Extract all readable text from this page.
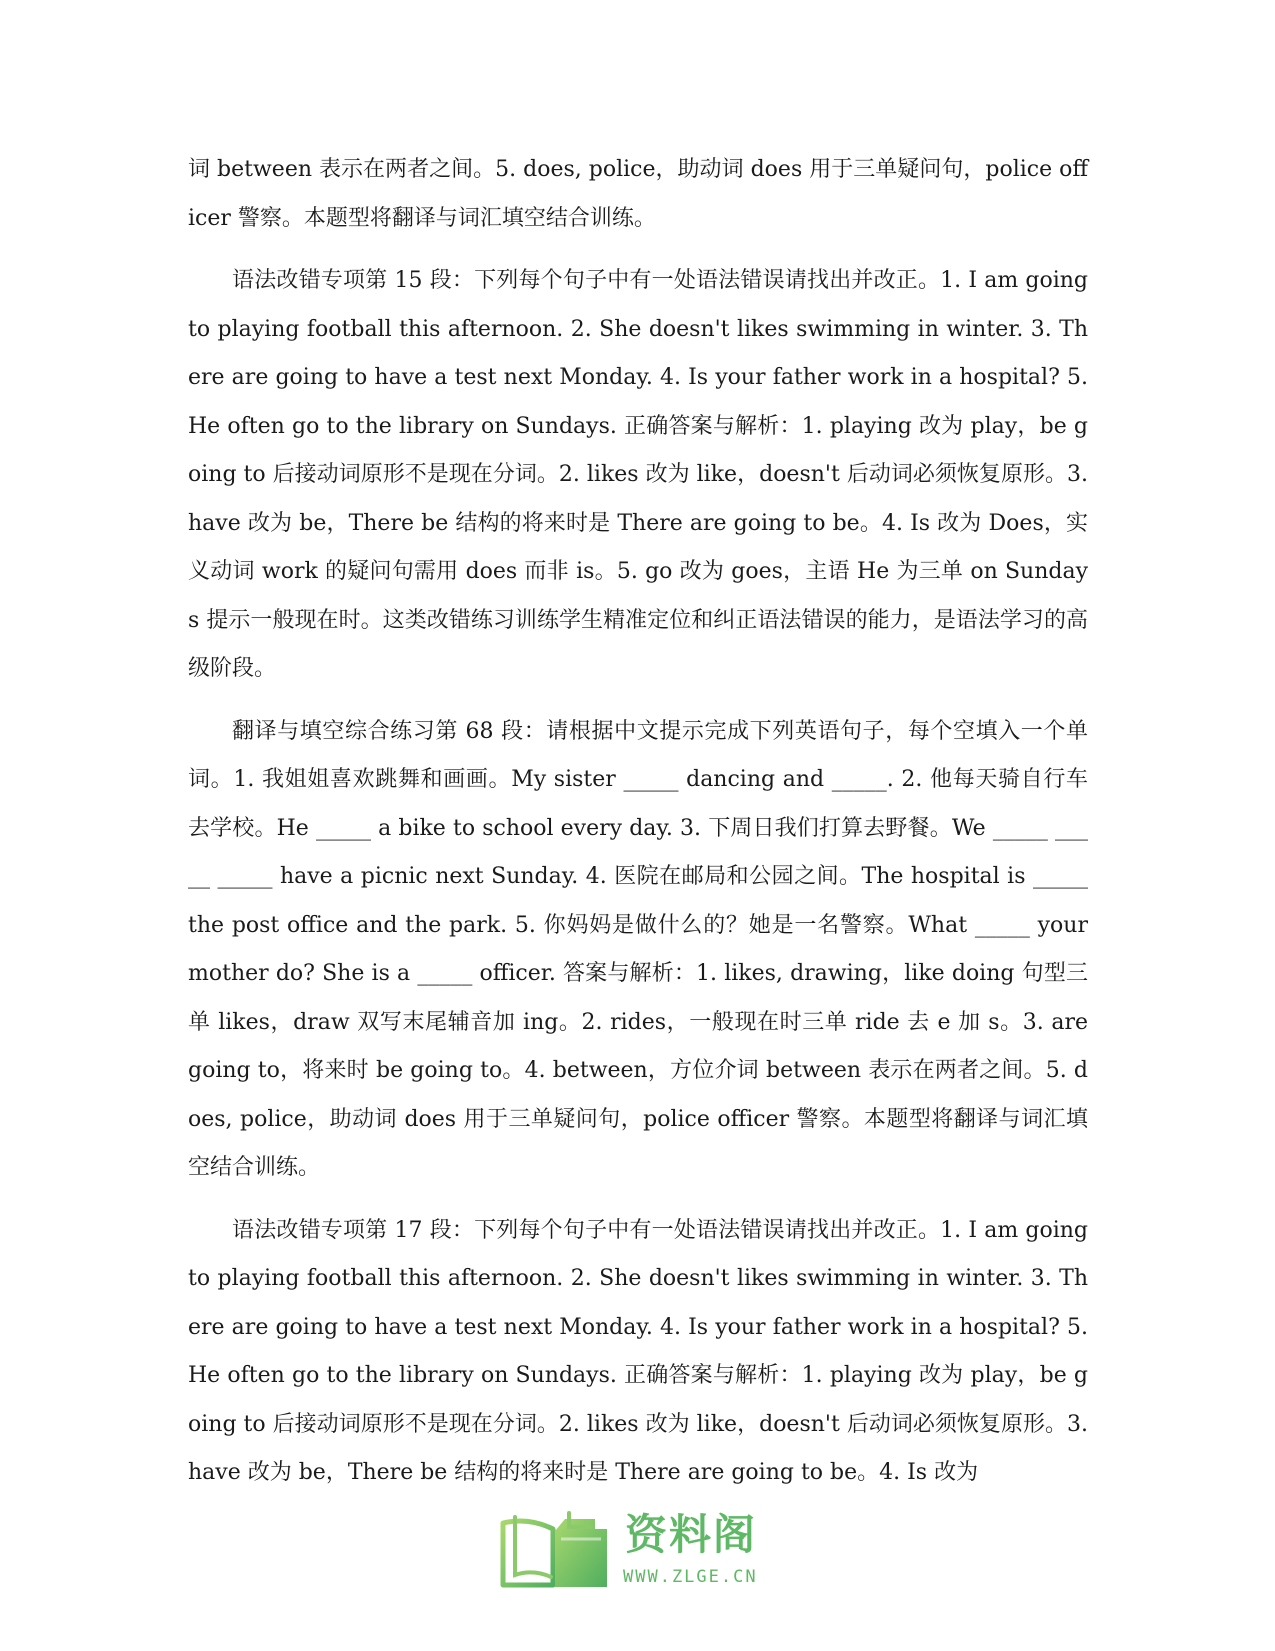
词 between 表示在两者之间。5. does, police，助动词 does 用于三单疑问句，police officer 警察。本题型将翻译与词汇填空结合训练。

语法改错专项第 15 段：下列每个句子中有一处语法错误请找出并改正。1. I am going to playing football this afternoon. 2. She doesn't likes swimming in winter. 3. There are going to have a test next Monday. 4. Is your father work in a hospital? 5. He often go to the library on Sundays. 正确答案与解析：1. playing 改为 play，be going to 后接动词原形不是现在分词。2. likes 改为 like，doesn't 后动词必须恢复原形。3. have 改为 be，There be 结构的将来时是 There are going to be。4. Is 改为 Does，实义动词 work 的疑问句需用 does 而非 is。5. go 改为 goes，主语 He 为三单 on Sundays 提示一般现在时。这类改错练习训练学生精准定位和纠正语法错误的能力，是语法学习的高级阶段。

翻译与填空综合练习第 68 段：请根据中文提示完成下列英语句子，每个空填入一个单词。1. 我姐姐喜欢跳舞和画画。My sister _____ dancing and _____. 2. 他每天骑自行车去学校。He _____ a bike to school every day. 3. 下周日我们打算去野餐。We _____ _____ _____ have a picnic next Sunday. 4. 医院在邮局和公园之间。The hospital is _____ the post office and the park. 5. 你妈妈是做什么的？她是一名警察。What _____ your mother do? She is a _____ officer. 答案与解析：1. likes, drawing，like doing 句型三单 likes，draw 双写末尾辅音加 ing。2. rides，一般现在时三单 ride 去 e 加 s。3. are going to，将来时 be going to。4. between，方位介词 between 表示在两者之间。5. does, police，助动词 does 用于三单疑问句，police officer 警察。本题型将翻译与词汇填空结合训练。

语法改错专项第 17 段：下列每个句子中有一处语法错误请找出并改正。1. I am going to playing football this afternoon. 2. She doesn't likes swimming in winter. 3. There are going to have a test next Monday. 4. Is your father work in a hospital? 5. He often go to the library on Sundays. 正确答案与解析：1. playing 改为 play，be going to 后接动词原形不是现在分词。2. likes 改为 like，doesn't 后动词必须恢复原形。3. have 改为 be，There be 结构的将来时是 There are going to be。4. Is 改为

资料阁
WWW.ZLGE.CN
